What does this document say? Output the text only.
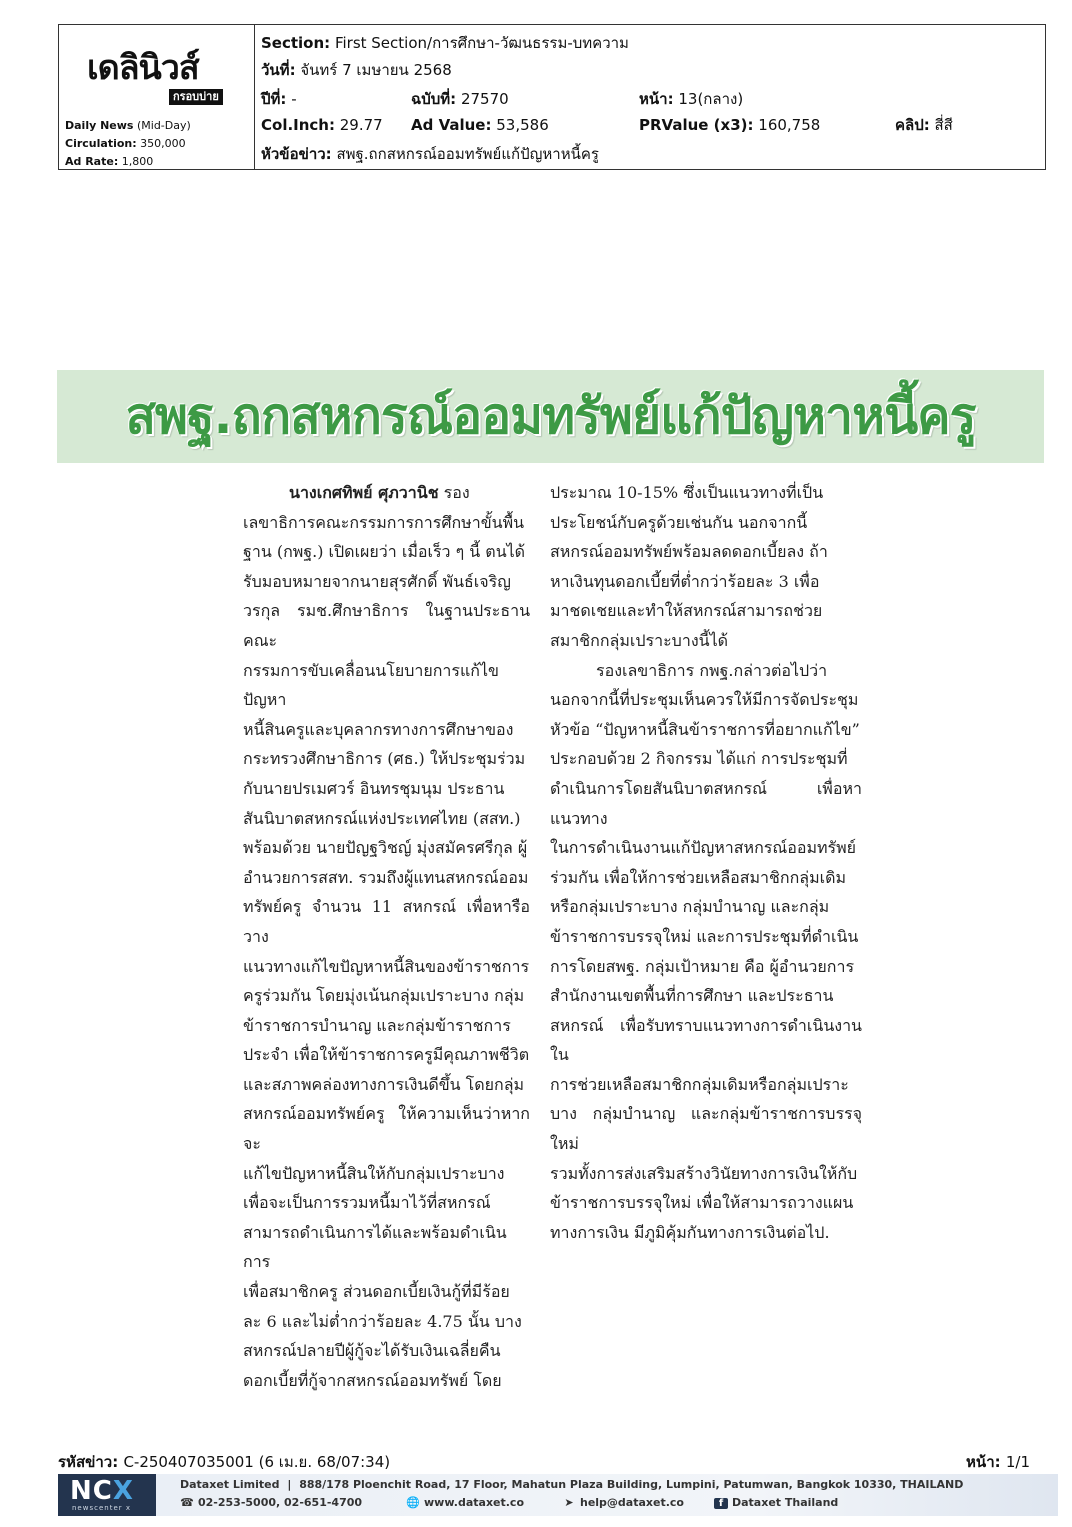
เดลินิวส์
กรอบบ่าย
Daily News (Mid-Day)
Circulation: 350,000
Ad Rate: 1,800
Section: First Section/การศึกษา-วัฒนธรรม-บทความ
วันที่: จันทร์ 7 เมษายน 2568
ปีที่: -	ฉบับที่: 27570	หน้า: 13(กลาง)
Col.Inch: 29.77 Ad Value: 53,586	PRValue (x3): 160,758	คลิป: สี่สี
หัวข้อข่าว: สพฐ.ถกสหกรณ์ออมทรัพย์แก้ปัญหาหนี้ครู
สพฐ.ถกสหกรณ์ออมทรัพย์แก้ปัญหาหนี้ครู

นางเกศทิพย์ ศุภวานิช รอง

เลขาธิการคณะกรรมการการศึกษาขั้นพื้น

ฐาน (กพฐ.) เปิดเผยว่า เมื่อเร็ว ๆ นี้ ตนได้

รับมอบหมายจากนายสุรศักดิ์ พันธ์เจริญ

วรกุล รมช.ศึกษาธิการ ในฐานประธานคณะ

กรรมการขับเคลื่อนนโยบายการแก้ไขปัญหา

หนี้สินครูและบุคลากรทางการศึกษาของ

กระทรวงศึกษาธิการ (ศธ.) ให้ประชุมร่วม

กับนายปรเมศวร์ อินทรชุมนุม ประธาน

สันนิบาตสหกรณ์แห่งประเทศไทย (สสท.)

พร้อมด้วย นายปัญฐวิชญ์ มุ่งสมัครศรีกุล ผู้

อำนวยการสสท. รวมถึงผู้แทนสหกรณ์ออม

ทรัพย์ครู จำนวน 11 สหกรณ์ เพื่อหารือวาง

แนวทางแก้ไขปัญหาหนี้สินของข้าราชการ

ครูร่วมกัน โดยมุ่งเน้นกลุ่มเปราะบาง กลุ่ม

ข้าราชการบำนาญ และกลุ่มข้าราชการ

ประจำ เพื่อให้ข้าราชการครูมีคุณภาพชีวิต

และสภาพคล่องทางการเงินดีขึ้น โดยกลุ่ม

สหกรณ์ออมทรัพย์ครู ให้ความเห็นว่าหากจะ

แก้ไขปัญหาหนี้สินให้กับกลุ่มเปราะบาง

เพื่อจะเป็นการรวมหนี้มาไว้ที่สหกรณ์

สามารถดำเนินการได้และพร้อมดำเนินการ

เพื่อสมาชิกครู ส่วนดอกเบี้ยเงินกู้ที่มีร้อย

ละ 6 และไม่ต่ำกว่าร้อยละ 4.75 นั้น บาง

สหกรณ์ปลายปีผู้กู้จะได้รับเงินเฉลี่ยคืน

ดอกเบี้ยที่กู้จากสหกรณ์ออมทรัพย์ โดย

ประมาณ 10-15% ซึ่งเป็นแนวทางที่เป็น

ประโยชน์กับครูด้วยเช่นกัน นอกจากนี้

สหกรณ์ออมทรัพย์พร้อมลดดอกเบี้ยลง ถ้า

หาเงินทุนดอกเบี้ยที่ต่ำกว่าร้อยละ 3 เพื่อ

มาชดเชยและทำให้สหกรณ์สามารถช่วย

สมาชิกกลุ่มเปราะบางนี้ได้

รองเลขาธิการ กพฐ.กล่าวต่อไปว่า

นอกจากนี้ที่ประชุมเห็นควรให้มีการจัดประชุม

หัวข้อ “ปัญหาหนี้สินข้าราชการที่อยากแก้ไข”

ประกอบด้วย 2 กิจกรรม ได้แก่ การประชุมที่

ดำเนินการโดยสันนิบาตสหกรณ์ เพื่อหาแนวทาง

ในการดำเนินงานแก้ปัญหาสหกรณ์ออมทรัพย์

ร่วมกัน เพื่อให้การช่วยเหลือสมาชิกกลุ่มเดิม

หรือกลุ่มเปราะบาง กลุ่มบำนาญ และกลุ่ม

ข้าราชการบรรจุใหม่ และการประชุมที่ดำเนิน

การโดยสพฐ. กลุ่มเป้าหมาย คือ ผู้อำนวยการ

สำนักงานเขตพื้นที่การศึกษา และประธาน

สหกรณ์ เพื่อรับทราบแนวทางการดำเนินงานใน

การช่วยเหลือสมาชิกกลุ่มเดิมหรือกลุ่มเปราะ

บาง กลุ่มบำนาญ และกลุ่มข้าราชการบรรจุใหม่

รวมทั้งการส่งเสริมสร้างวินัยทางการเงินให้กับ

ข้าราชการบรรจุใหม่ เพื่อให้สามารถวางแผน

ทางการเงิน มีภูมิคุ้มกันทางการเงินต่อไป.

รหัสข่าว: C-250407035001 (6 เม.ย. 68/07:34)	หน้า: 1/1
NCX
newscenter x
Dataxet Limited | 888/178 Ploenchit Road, 17 Floor, Mahatun Plaza Building, Lumpini, Patumwan, Bangkok 10330, THAILAND
☎ 02-253-5000, 02-651-4700	🌐 www.dataxet.co	➤ help@dataxet.co	f Dataxet Thailand
